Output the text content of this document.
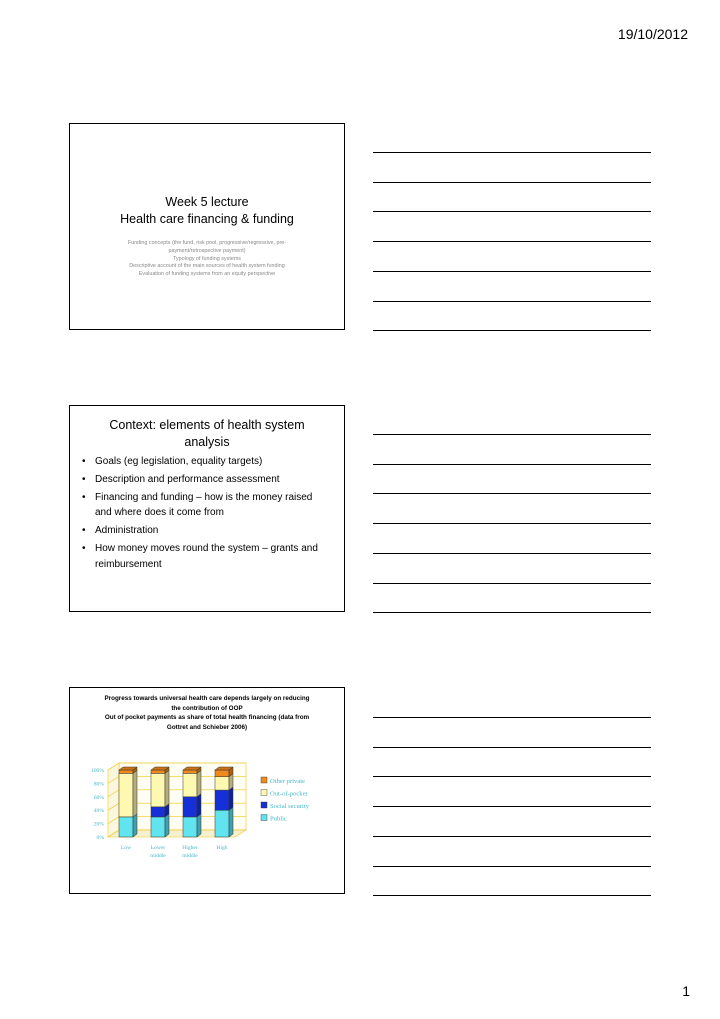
19/10/2012
Week 5 lecture
Health care financing & funding
Funding concepts (the fund, risk pool, progressive/regressive, pre-
payment/retrospective payment)
Typology of funding systems
Descriptive account of the main sources of health system funding
Evaluation of funding systems from an equity perspective
Context: elements of health system analysis
• Goals (eg legislation, equality targets)
• Description and performance assessment
• Financing and funding – how is the money raised and where does it come from
• Administration
• How money moves round the system – grants and reimbursement
Progress towards universal health care depends largely on reducing
the contribution of OOP
Out of pocket payments as share of total health financing (data from
Gottret and Schieber 2006)
100%
80%
60%
40%
20%
0%
Low	Lower
middle
Higher
middle
High
Other private
Out-of-pocket
Social security
Public
1
